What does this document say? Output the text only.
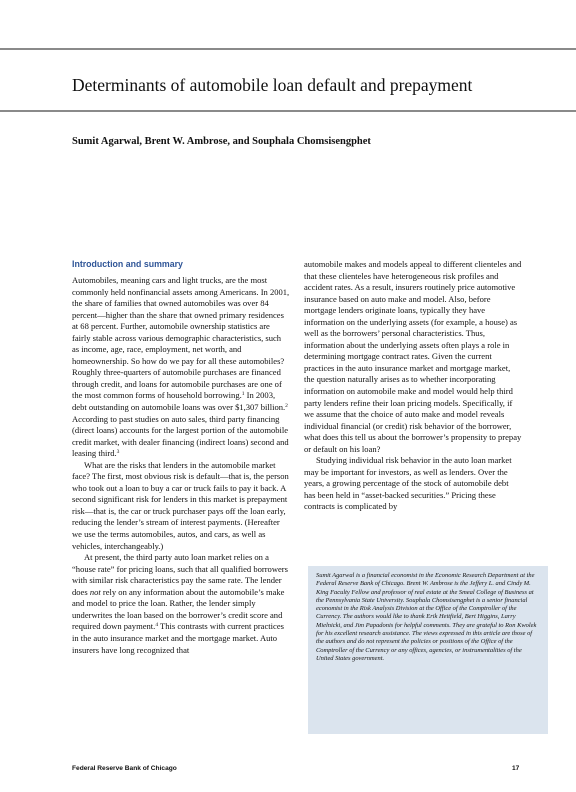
Determinants of automobile loan default and prepayment
Sumit Agarwal, Brent W. Ambrose, and Souphala Chomsisengphet
Introduction and summary

Automobiles, meaning cars and light trucks, are the most commonly held nonfinancial assets among Americans. In 2001, the share of families that owned automobiles was over 84 percent—higher than the share that owned primary residences at 68 percent. Further, automobile ownership statistics are fairly stable across various demographic characteristics, such as income, age, race, employment, net worth, and homeownership. So how do we pay for all these automobiles? Roughly three-quarters of automobile purchases are financed through credit, and loans for automobile purchases are one of the most common forms of household borrowing.$^1$ In 2003, debt outstanding on automobile loans was over $1,307 billion.$^2$ According to past studies on auto sales, third party financing (direct loans) accounts for the largest portion of the automobile credit market, with dealer financing (indirect loans) second and leasing third.$^3$

What are the risks that lenders in the automobile market face? The first, most obvious risk is default—that is, the person who took out a loan to buy a car or truck fails to pay it back. A second significant risk for lenders in this market is prepayment risk—that is, the car or truck purchaser pays off the loan early, reducing the lender’s stream of interest payments. (Hereafter we use the terms automobiles, autos, and cars, as well as vehicles, interchangeably.)

At present, the third party auto loan market relies on a “house rate” for pricing loans, such that all qualified borrowers with similar risk characteristics pay the same rate. The lender does not rely on any information about the automobile’s make and model to price the loan. Rather, the lender simply underwrites the loan based on the borrower’s credit score and required down payment.$^4$ This contrasts with current practices in the auto insurance market and the mortgage market. Auto insurers have long recognized that

automobile makes and models appeal to different clienteles and that these clienteles have heterogeneous risk profiles and accident rates. As a result, insurers routinely price automotive insurance based on auto make and model. Also, before mortgage lenders originate loans, typically they have information on the underlying assets (for example, a house) as well as the borrowers’ personal characteristics. Thus, information about the underlying assets often plays a role in determining mortgage contract rates. Given the current practices in the auto insurance market and mortgage market, the question naturally arises as to whether incorporating information on automobile make and model would help third party lenders refine their loan pricing models. Specifically, if we assume that the choice of auto make and model reveals individual financial (or credit) risk behavior of the borrower, what does this tell us about the borrower’s propensity to prepay or default on his loan?

Studying individual risk behavior in the auto loan market may be important for investors, as well as lenders. Over the years, a growing percentage of the stock of automobile debt has been held in “asset-backed securities.” Pricing these contracts is complicated by

Sumit Agarwal is a financial economist in the Economic Research Department at the Federal Reserve Bank of Chicago. Brent W. Ambrose is the Jeffery L. and Cindy M. King Faculty Fellow and professor of real estate at the Smeal College of Business at the Pennsylvania State University. Souphala Chomsisengphet is a senior financial economist in the Risk Analysis Division at the Office of the Comptroller of the Currency. The authors would like to thank Erik Heitfield, Bert Higgins, Larry Mielnicki, and Jim Papadonis for helpful comments. They are grateful to Ron Kwolek for his excellent research assistance. The views expressed in this article are those of the authors and do not represent the policies or positions of the Office of the Comptroller of the Currency or any offices, agencies, or instrumentalities of the United States government.
Federal Reserve Bank of Chicago	17
